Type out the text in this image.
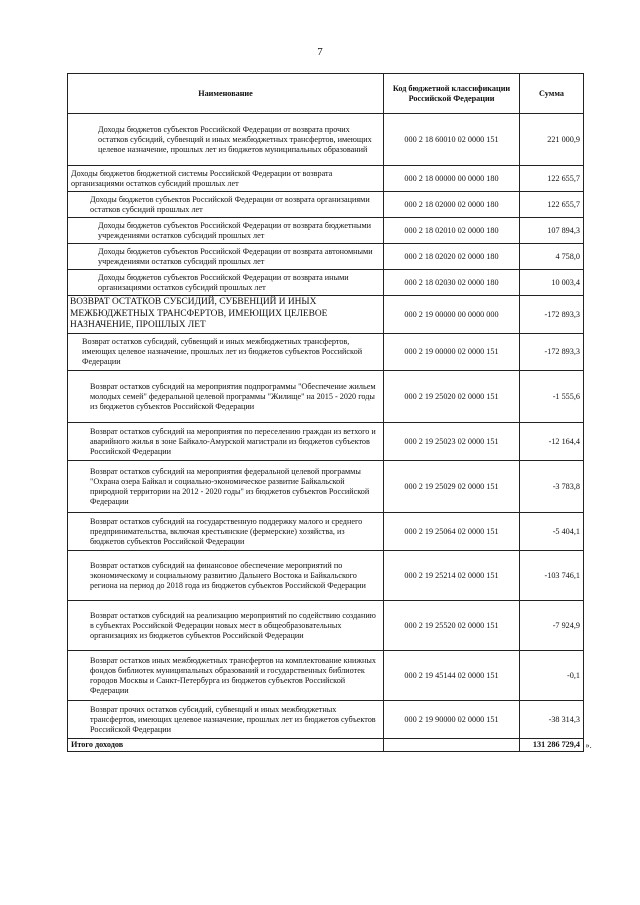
7
Наименование	Код бюджетной классификации Российской Федерации	Сумма
Доходы бюджетов субъектов Российской Федерации от возврата прочих остатков субсидий, субвенций и иных межбюджетных трансфертов, имеющих целевое назначение, прошлых лет из бюджетов муниципальных образований	000 2 18 60010 02 0000 151	221 000,9
Доходы бюджетов бюджетной системы Российской Федерации от возврата организациями остатков субсидий прошлых лет	000 2 18 00000 00 0000 180	122 655,7
Доходы бюджетов субъектов Российской Федерации от возврата организациями остатков субсидий прошлых лет	000 2 18 02000 02 0000 180	122 655,7
Доходы бюджетов субъектов Российской Федерации от возврата бюджетными учреждениями остатков субсидий прошлых лет	000 2 18 02010 02 0000 180	107 894,3
Доходы бюджетов субъектов Российской Федерации от возврата автономными учреждениями остатков субсидий прошлых лет	000 2 18 02020 02 0000 180	4 758,0
Доходы бюджетов субъектов Российской Федерации от возврата иными организациями остатков субсидий прошлых лет	000 2 18 02030 02 0000 180	10 003,4
ВОЗВРАТ ОСТАТКОВ СУБСИДИЙ, СУБВЕНЦИЙ И ИНЫХ МЕЖБЮДЖЕТНЫХ ТРАНСФЕРТОВ, ИМЕЮЩИХ ЦЕЛЕВОЕ НАЗНАЧЕНИЕ, ПРОШЛЫХ ЛЕТ	000 2 19 00000 00 0000 000	-172 893,3
Возврат остатков субсидий, субвенций и иных межбюджетных трансфертов, имеющих целевое назначение, прошлых лет из бюджетов субъектов Российской Федерации	000 2 19 00000 02 0000 151	-172 893,3
Возврат остатков субсидий на мероприятия подпрограммы "Обеспечение жильем молодых семей" федеральной целевой программы "Жилище" на 2015 - 2020 годы из бюджетов субъектов Российской Федерации	000 2 19 25020 02 0000 151	-1 555,6
Возврат остатков субсидий на мероприятия по переселению граждан из ветхого и аварийного жилья в зоне Байкало-Амурской магистрали из бюджетов субъектов Российской Федерации	000 2 19 25023 02 0000 151	-12 164,4
Возврат остатков субсидий на мероприятия федеральной целевой программы "Охрана озера Байкал и социально-экономическое развитие Байкальской природной территории на 2012 - 2020 годы" из бюджетов субъектов Российской Федерации	000 2 19 25029 02 0000 151	-3 783,8
Возврат остатков субсидий на государственную поддержку малого и среднего предпринимательства, включая крестьянские (фермерские) хозяйства, из бюджетов субъектов Российской Федерации	000 2 19 25064 02 0000 151	-5 404,1
Возврат остатков субсидий на финансовое обеспечение мероприятий по экономическому и социальному развитию Дальнего Востока и Байкальского региона на период до 2018 года из бюджетов субъектов Российской Федерации	000 2 19 25214 02 0000 151	-103 746,1
Возврат остатков субсидий на реализацию мероприятий по содействию созданию в субъектах Российской Федерации новых мест в общеобразовательных организациях из бюджетов субъектов Российской Федерации	000 2 19 25520 02 0000 151	-7 924,9
Возврат остатков иных межбюджетных трансфертов на комплектование книжных фондов библиотек муниципальных образований и государственных библиотек городов Москвы и Санкт-Петербурга из бюджетов субъектов Российской Федерации	000 2 19 45144 02 0000 151	-0,1
Возврат прочих остатков субсидий, субвенций и иных межбюджетных трансфертов, имеющих целевое назначение, прошлых лет из бюджетов субъектов Российской Федерации	000 2 19 90000 02 0000 151	-38 314,3
Итого доходов		131 286 729,4 ».
